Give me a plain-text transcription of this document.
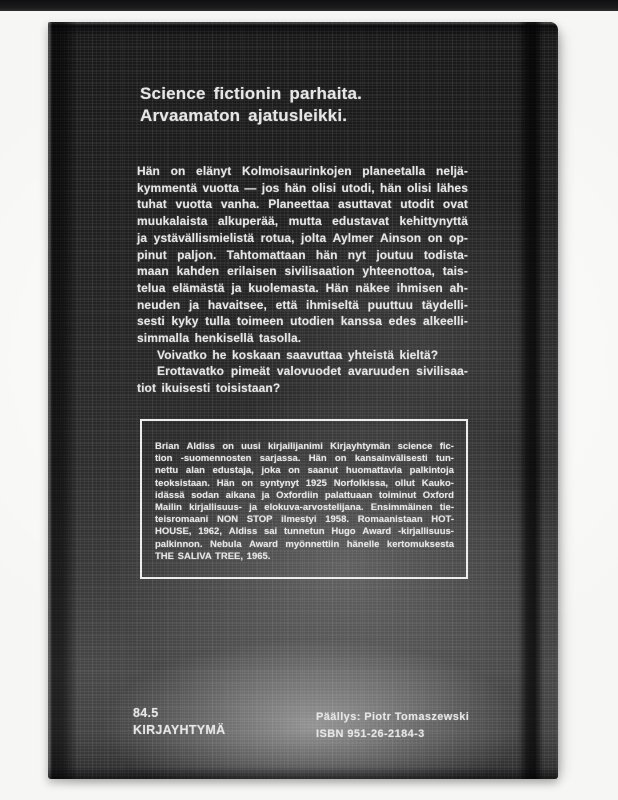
Science fictionin parhaita.
Arvaamaton ajatusleikki.
Hän on elänyt Kolmoisaurinkojen planeetalla neljä-
kymmentä vuotta — jos hän olisi utodi, hän olisi lähes
tuhat vuotta vanha. Planeettaa asuttavat utodit ovat
muukalaista alkuperää, mutta edustavat kehittynyttä
ja ystävällismielistä rotua, jolta Aylmer Ainson on op-
pinut paljon. Tahtomattaan hän nyt joutuu todista-
maan kahden erilaisen sivilisaation yhteenottoa, tais-
telua elämästä ja kuolemasta. Hän näkee ihmisen ah-
neuden ja havaitsee, että ihmiseltä puuttuu täydelli-
sesti kyky tulla toimeen utodien kanssa edes alkeelli-
simmalla henkisellä tasolla.
Voivatko he koskaan saavuttaa yhteistä kieltä?
Erottavatko pimeät valovuodet avaruuden sivilisaa-
tiot ikuisesti toisistaan?
Brian Aldiss on uusi kirjailijanimi Kirjayhtymän science fic-
tion -suomennosten sarjassa. Hän on kansainvälisesti tun-
nettu alan edustaja, joka on saanut huomattavia palkintoja
teoksistaan. Hän on syntynyt 1925 Norfolkissa, ollut Kauko-
idässä sodan aikana ja Oxfordiin palattuaan toiminut Oxford
Mailin kirjallisuus- ja elokuva-arvostelijana. Ensimmäinen tie-
teisromaani NON STOP ilmestyi 1958. Romaanistaan HOT-
HOUSE, 1962, Aldiss sai tunnetun Hugo Award -kirjallisuus-
palkinnon. Nebula Award myönnettiin hänelle kertomuksesta
THE SALIVA TREE, 1965.
84.5
KIRJAYHTYMÄ
Päällys: Piotr Tomaszewski
ISBN 951-26-2184-3
